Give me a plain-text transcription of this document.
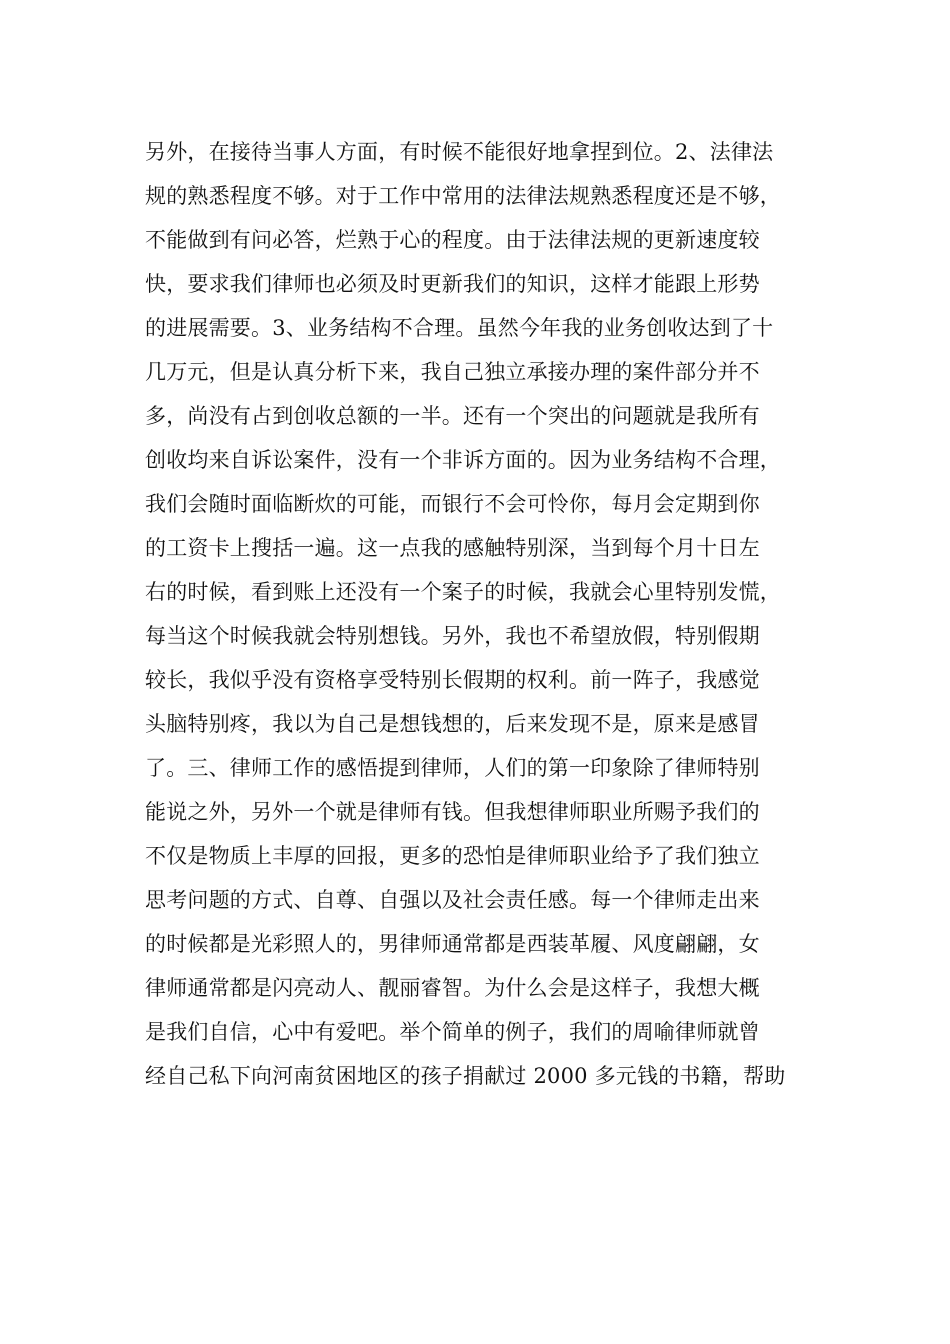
另外，在接待当事人方面，有时候不能很好地拿捏到位。2、法律法
规的熟悉程度不够。对于工作中常用的法律法规熟悉程度还是不够，
不能做到有问必答，烂熟于心的程度。由于法律法规的更新速度较
快，要求我们律师也必须及时更新我们的知识，这样才能跟上形势
的进展需要。3、业务结构不合理。虽然今年我的业务创收达到了十
几万元，但是认真分析下来，我自己独立承接办理的案件部分并不
多，尚没有占到创收总额的一半。还有一个突出的问题就是我所有
创收均来自诉讼案件，没有一个非诉方面的。因为业务结构不合理，
我们会随时面临断炊的可能，而银行不会可怜你，每月会定期到你
的工资卡上搜括一遍。这一点我的感触特别深，当到每个月十日左
右的时候，看到账上还没有一个案子的时候，我就会心里特别发慌，
每当这个时候我就会特别想钱。另外，我也不希望放假，特别假期
较长，我似乎没有资格享受特别长假期的权利。前一阵子，我感觉
头脑特别疼，我以为自己是想钱想的，后来发现不是，原来是感冒
了。三、律师工作的感悟提到律师，人们的第一印象除了律师特别
能说之外，另外一个就是律师有钱。但我想律师职业所赐予我们的
不仅是物质上丰厚的回报，更多的恐怕是律师职业给予了我们独立
思考问题的方式、自尊、自强以及社会责任感。每一个律师走出来
的时候都是光彩照人的，男律师通常都是西装革履、风度翩翩，女
律师通常都是闪亮动人、靓丽睿智。为什么会是这样子，我想大概
是我们自信，心中有爱吧。举个简单的例子，我们的周喻律师就曾
经自己私下向河南贫困地区的孩子捐献过 2000 多元钱的书籍，帮助
